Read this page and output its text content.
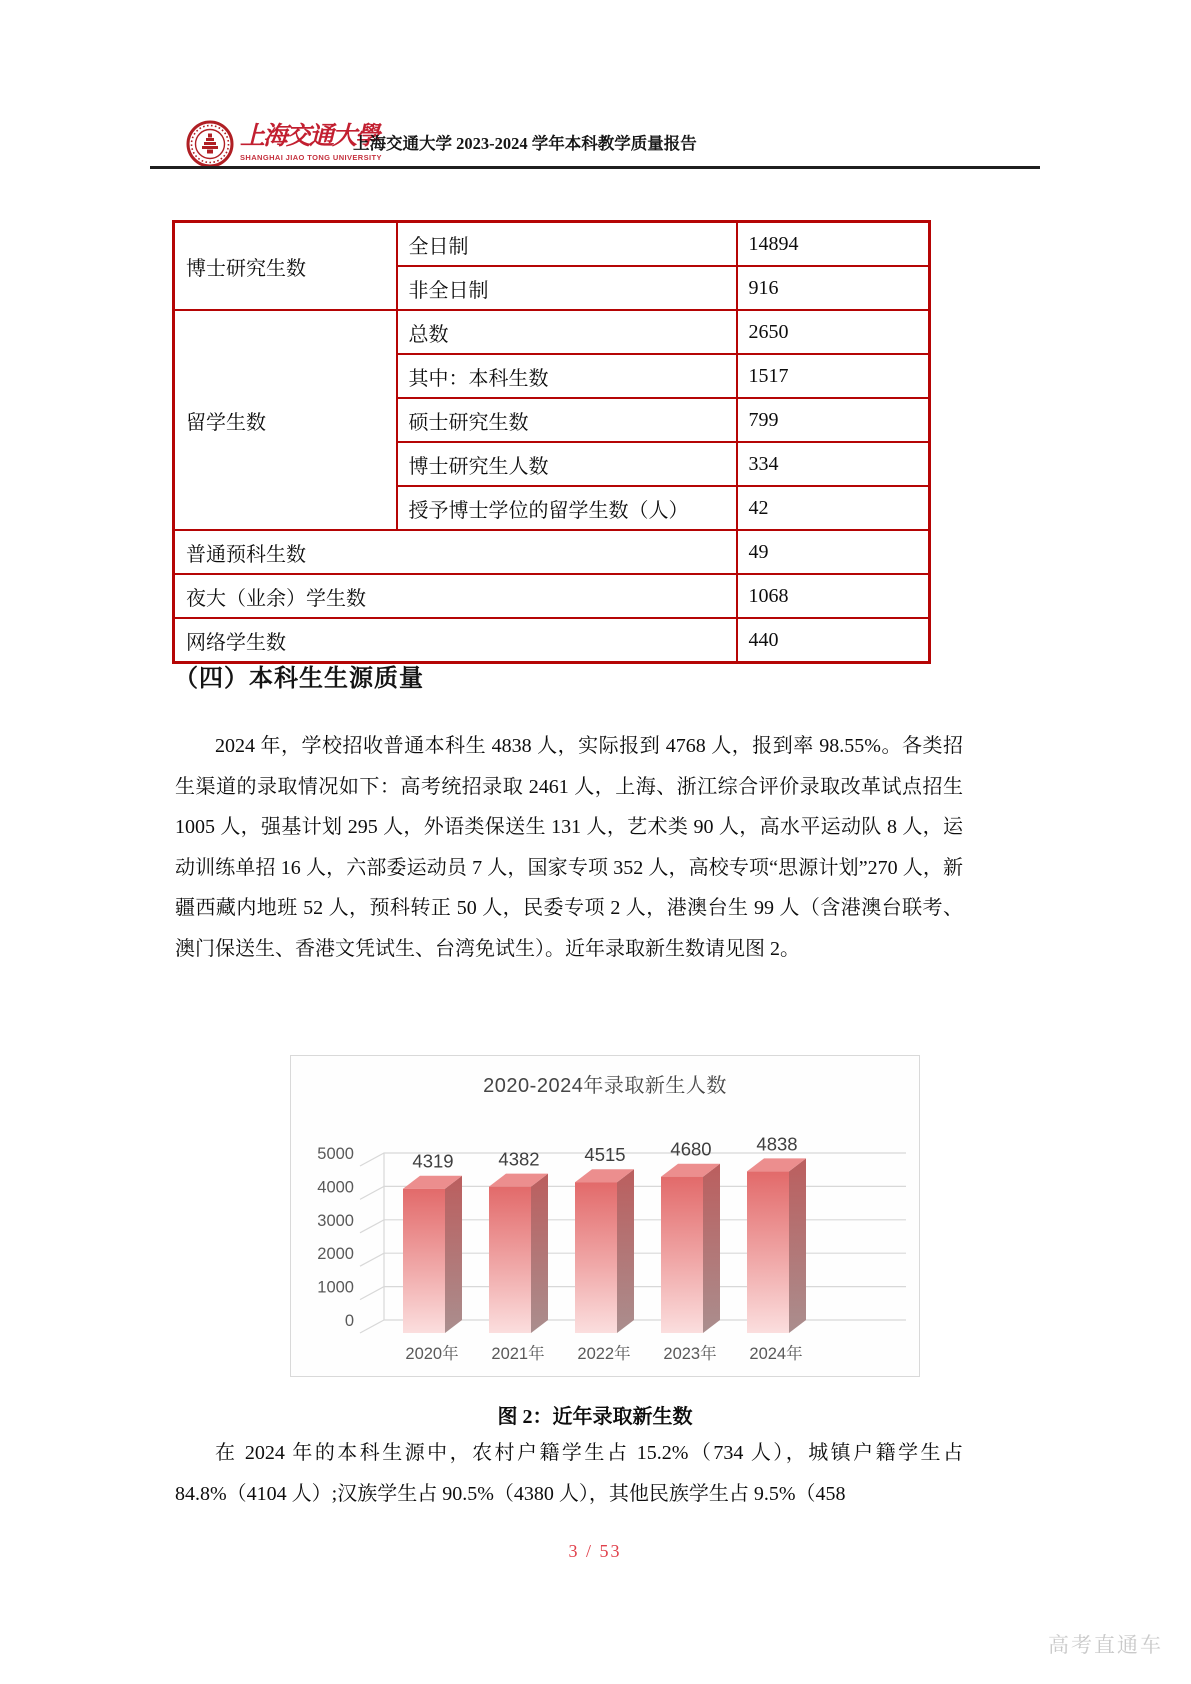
上海交通大學
SHANGHAI JIAO TONG UNIVERSITY
上海交通大学 2023-2024 学年本科教学质量报告
博士研究生数	全日制	14894
	非全日制	916
留学生数	总数	2650
	其中：本科生数	1517
	硕士研究生数	799
	博士研究生人数	334
	授予博士学位的留学生数（人）	42
普通预科生数		49
夜大（业余）学生数		1068
网络学生数		440
（四）本科生生源质量

2024 年，学校招收普通本科生 4838 人，实际报到 4768 人，报到率 98.55%。各类招生渠道的录取情况如下：高考统招录取 2461 人，上海、浙江综合评价录取改革试点招生 1005 人，强基计划 295 人，外语类保送生 131 人，艺术类 90 人，高水平运动队 8 人，运动训练单招 16 人，六部委运动员 7 人，国家专项 352 人，高校专项“思源计划”270 人，新疆西藏内地班 52 人，预科转正 50 人，民委专项 2 人，港澳台生 99 人（含港澳台联考、澳门保送生、香港文凭试生、台湾免试生）。近年录取新生数请见图 2。

2020-2024年录取新生人数
0
1000
2000
3000
4000
5000	4319
2020年
4382
2021年
4515
2022年
4680
2023年
4838
2024年
图 2：近年录取新生数

在 2024 年的本科生源中，农村户籍学生占 15.2%（734 人），城镇户籍学生占 84.8%（4104 人）;汉族学生占 90.5%（4380 人），其他民族学生占 9.5%（458

3 / 53
高考直通车
